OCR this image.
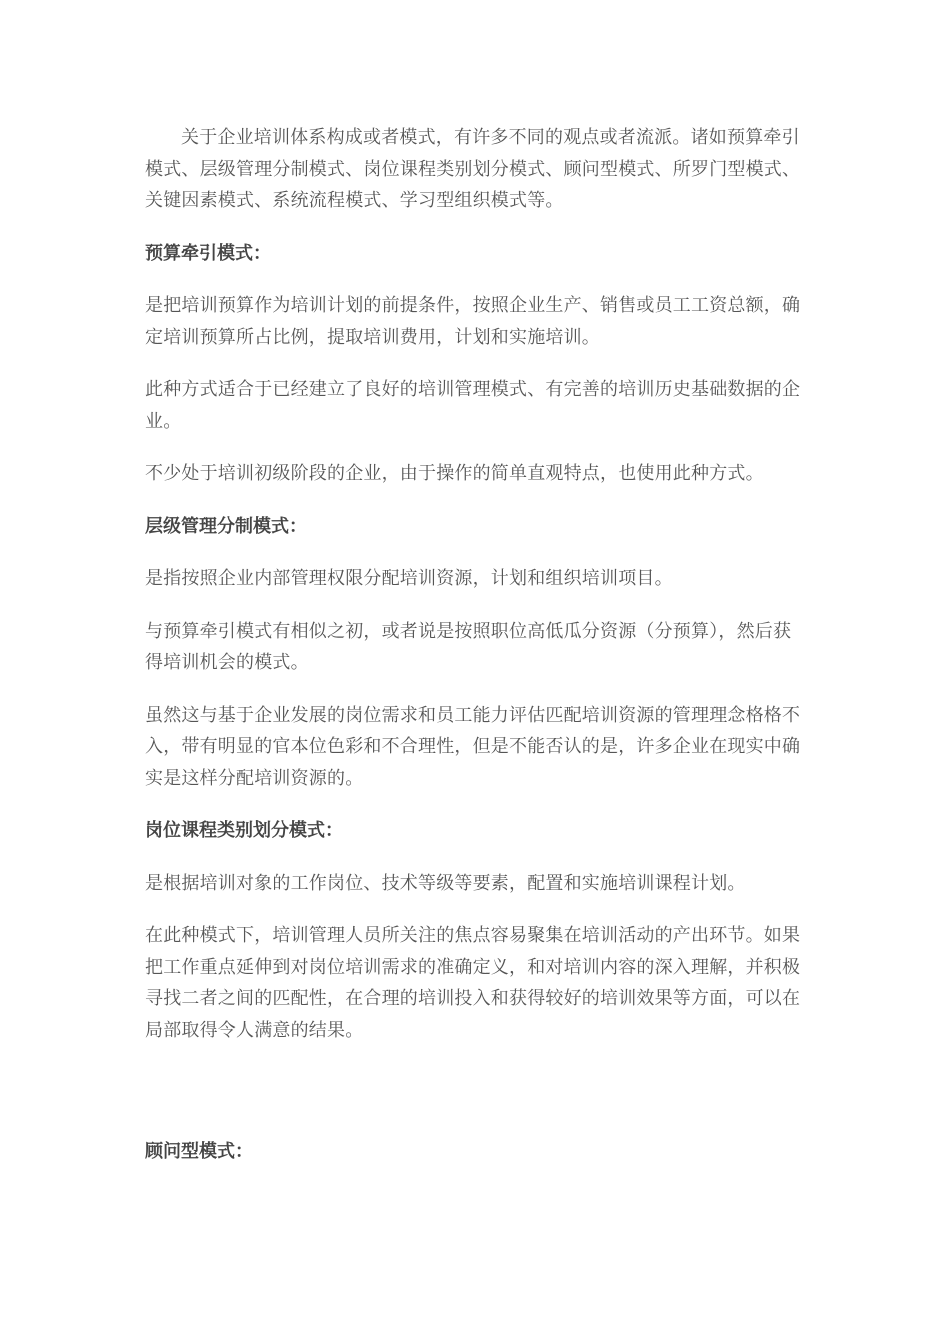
关于企业培训体系构成或者模式，有许多不同的观点或者流派。诸如预算牵引模式、层级管理分制模式、岗位课程类别划分模式、顾问型模式、所罗门型模式、关键因素模式、系统流程模式、学习型组织模式等。

预算牵引模式：

是把培训预算作为培训计划的前提条件，按照企业生产、销售或员工工资总额，确定培训预算所占比例，提取培训费用，计划和实施培训。

此种方式适合于已经建立了良好的培训管理模式、有完善的培训历史基础数据的企业。

不少处于培训初级阶段的企业，由于操作的简单直观特点，也使用此种方式。

层级管理分制模式：

是指按照企业内部管理权限分配培训资源，计划和组织培训项目。

与预算牵引模式有相似之初，或者说是按照职位高低瓜分资源（分预算），然后获得培训机会的模式。

虽然这与基于企业发展的岗位需求和员工能力评估匹配培训资源的管理理念格格不入，带有明显的官本位色彩和不合理性，但是不能否认的是，许多企业在现实中确实是这样分配培训资源的。

岗位课程类别划分模式：

是根据培训对象的工作岗位、技术等级等要素，配置和实施培训课程计划。

在此种模式下，培训管理人员所关注的焦点容易聚集在培训活动的产出环节。如果把工作重点延伸到对岗位培训需求的准确定义，和对培训内容的深入理解，并积极寻找二者之间的匹配性，在合理的培训投入和获得较好的培训效果等方面，可以在局部取得令人满意的结果。

顾问型模式：
